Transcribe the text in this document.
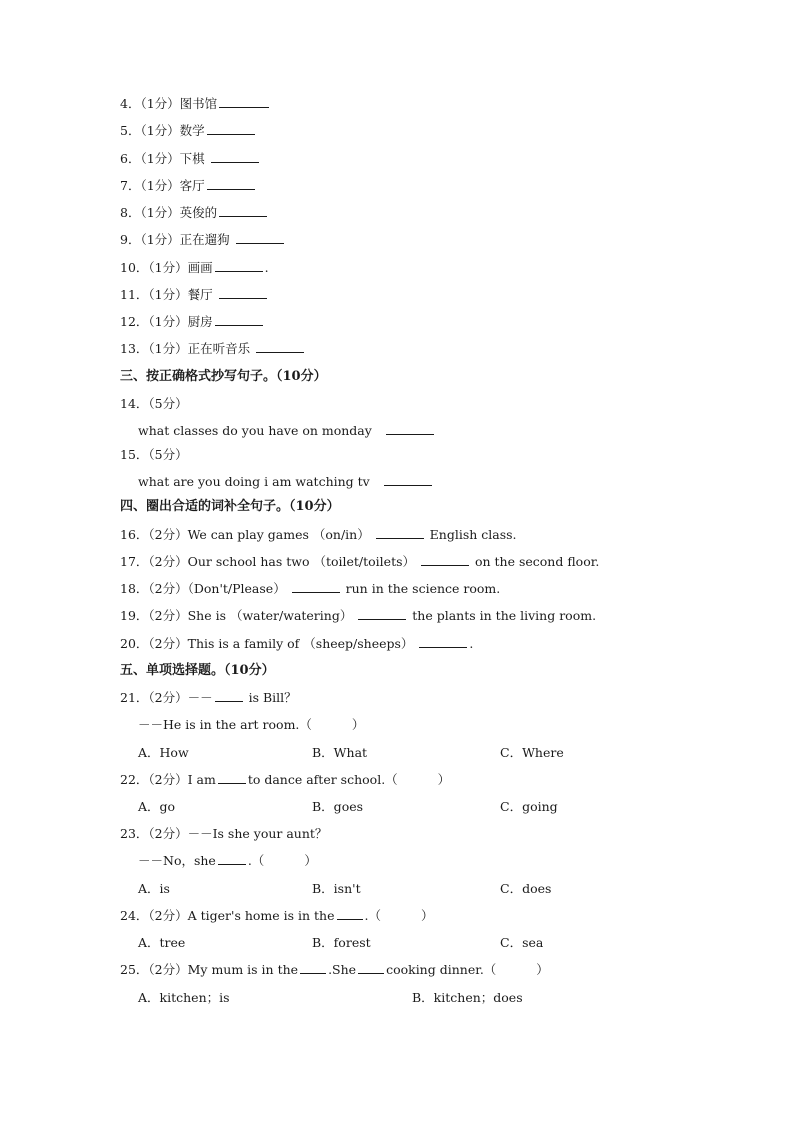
4．（1分）图书馆
5．（1分）数学
6．（1分）下棋
7．（1分）客厅
8．（1分）英俊的
9．（1分）正在遛狗
10．（1分）画画	.
11．（1分）餐厅
12．（1分）厨房
13．（1分）正在听音乐
三、按正确格式抄写句子。（10分）
14．（5分）
what classes do you have on monday
15．（5分）
what are you doing i am watching tv
四、圈出合适的词补全句子。（10分）
16．（2分）We can play games （on/in）	English class.
17．（2分）Our school has two （toilet/toilets）	on the second floor.
18．（2分）（Don't/Please）	run in the science room.
19．（2分）She is （water/watering）	the plants in the living room.
20．（2分）This is a family of （sheep/sheeps）	.
五、单项选择题。（10分）
21．（2分）－－	is Bill？
－－He is in the art room.（	）
A．How	B．What	C．Where
22．（2分）I am	to dance after school.（	）
A．go	B．goes	C．going
23．（2分）－－Is she your aunt？
－－No，she	.（	）
A．is	B．isn't	C．does
24．（2分）A tiger's home is in the .（	）
A．tree	B．forest	C．sea
25．（2分）My mum is in the .She cooking dinner.（	）
A．kitchen；is	B．kitchen；does
